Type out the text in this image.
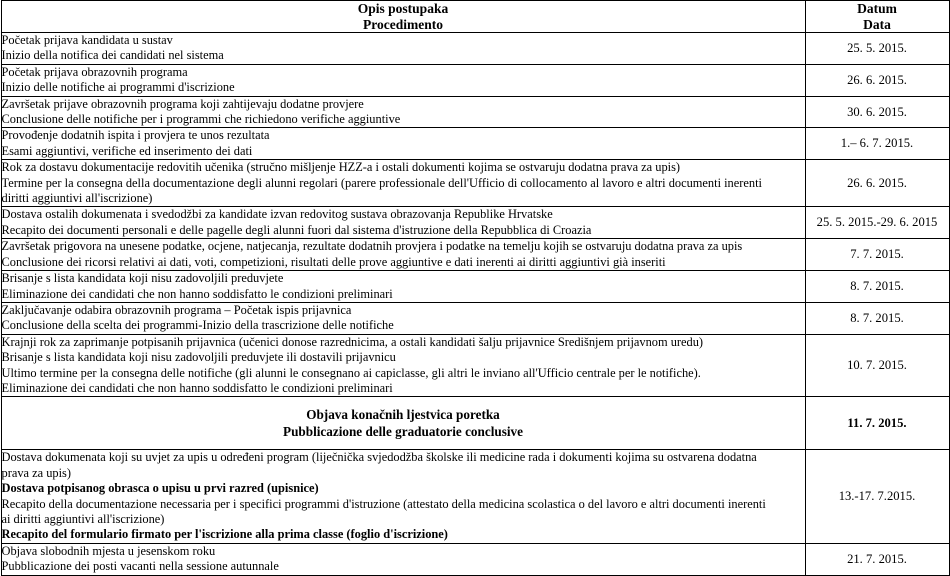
Opis postupaka
Procedimento	Datum
Data

Početak prijava kandidata u sustav
Inizio della notifica dei candidati nel sistema	25. 5. 2015.

Početak prijava obrazovnih programa
Inizio delle notifiche ai programmi d'iscrizione	26. 6. 2015.

Završetak prijave obrazovnih programa koji zahtijevaju dodatne provjere
Conclusione delle notifiche per i programmi che richiedono verifiche aggiuntive	30. 6. 2015.

Provođenje dodatnih ispita i provjera te unos rezultata
Esami aggiuntivi, verifiche ed inserimento dei dati	1.– 6. 7. 2015.

Rok za dostavu dokumentacije redovitih učenika (stručno mišljenje HZZ-a i ostali dokumenti kojima se ostvaruju dodatna prava za upis)
Termine per la consegna della documentazione degli alunni regolari (parere professionale dell'Ufficio di collocamento al lavoro e altri documenti inerenti
diritti aggiuntivi all'iscrizione)	26. 6. 2015.

Dostava ostalih dokumenata i svedodžbi za kandidate izvan redovitog sustava obrazovanja Republike Hrvatske
Recapito dei documenti personali e delle pagelle degli alunni fuori dal sistema d'istruzione della Repubblica di Croazia	25. 5. 2015.-29. 6. 2015

Završetak prigovora na unesene podatke, ocjene, natjecanja, rezultate dodatnih provjera i podatke na temelju kojih se ostvaruju dodatna prava za upis
Conclusione dei ricorsi relativi ai dati, voti, competizioni, risultati delle prove aggiuntive e dati inerenti ai diritti aggiuntivi già inseriti	7. 7. 2015.

Brisanje s lista kandidata koji nisu zadovoljili preduvjete
Eliminazione dei candidati che non hanno soddisfatto le condizioni preliminari	8. 7. 2015.

Zaključavanje odabira obrazovnih programa – Početak ispis prijavnica
Conclusione della scelta dei programmi-Inizio della trascrizione delle notifiche	8. 7. 2015.

Krajnji rok za zaprimanje potpisanih prijavnica (učenici donose razrednicima, a ostali kandidati šalju prijavnice Središnjem prijavnom uredu)
Brisanje s lista kandidata koji nisu zadovoljili preduvjete ili dostavili prijavnicu
Ultimo termine per la consegna delle notifiche (gli alunni le consegnano ai capiclasse, gli altri le inviano all'Ufficio centrale per le notifiche).
Eliminazione dei candidati che non hanno soddisfatto le condizioni preliminari	10. 7. 2015.

Objava konačnih ljestvica poretka
Pubblicazione delle graduatorie conclusive	11. 7. 2015.

Dostava dokumenata koji su uvjet za upis u određeni program (liječnička svjedodžba školske ili medicine rada i dokumenti kojima su ostvarena dodatna
prava za upis)
Dostava potpisanog obrasca o upisu u prvi razred (upisnice)
Recapito della documentazione necessaria per i specifici programmi d'istruzione (attestato della medicina scolastica o del lavoro e altri documenti inerenti
ai diritti aggiuntivi all'iscrizione)
Recapito del formulario firmato per l'iscrizione alla prima classe (foglio d'iscrizione)
	13.-17. 7.2015.

Objava slobodnih mjesta u jesenskom roku
Pubblicazione dei posti vacanti nella sessione autunnale	21. 7. 2015.
